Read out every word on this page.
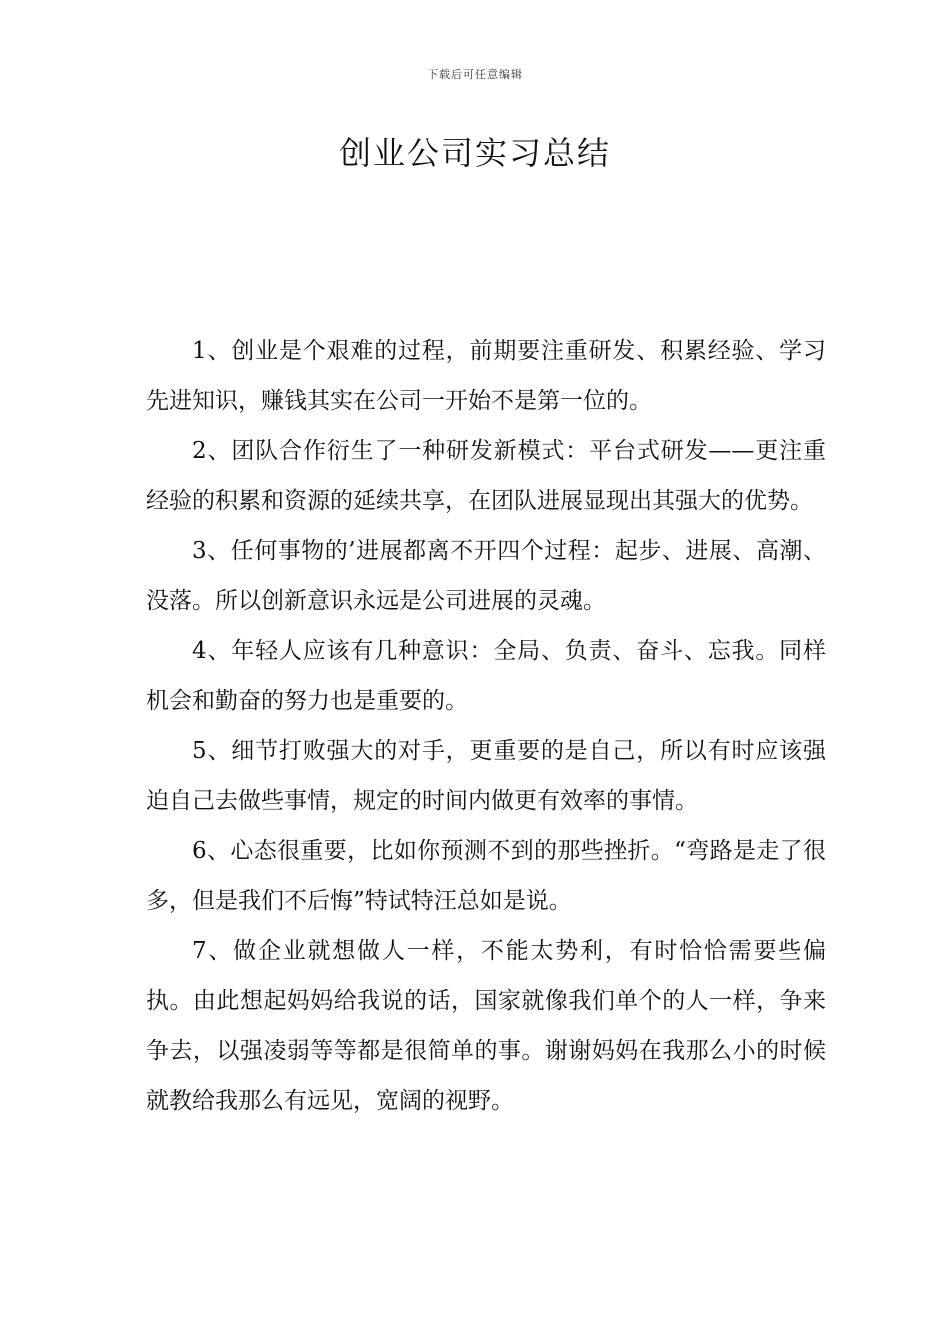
下载后可任意编辑
创业公司实习总结

1、创业是个艰难的过程，前期要注重研发、积累经验、学习先进知识，赚钱其实在公司一开始不是第一位的。

2、团队合作衍生了一种研发新模式：平台式研发——更注重经验的积累和资源的延续共享，在团队进展显现出其强大的优势。

3、任何事物的’进展都离不开四个过程：起步、进展、高潮、没落。所以创新意识永远是公司进展的灵魂。

4、年轻人应该有几种意识：全局、负责、奋斗、忘我。同样机会和勤奋的努力也是重要的。

5、细节打败强大的对手，更重要的是自己，所以有时应该强迫自己去做些事情，规定的时间内做更有效率的事情。

6、心态很重要，比如你预测不到的那些挫折。“弯路是走了很多，但是我们不后悔”特试特汪总如是说。

7、做企业就想做人一样，不能太势利，有时恰恰需要些偏执。由此想起妈妈给我说的话，国家就像我们单个的人一样，争来争去，以强凌弱等等都是很简单的事。谢谢妈妈在我那么小的时候就教给我那么有远见，宽阔的视野。
